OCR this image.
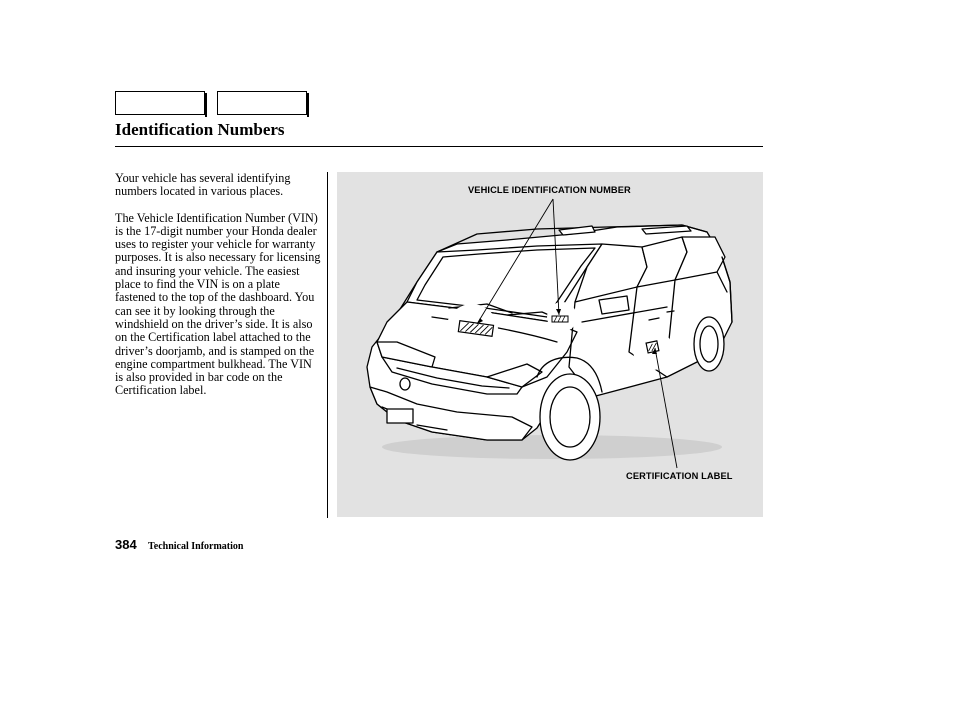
Identification Numbers

Your vehicle has several identifying numbers located in various places.

The Vehicle Identification Number (VIN) is the 17-digit number your Honda dealer uses to register your vehicle for warranty purposes. It is also necessary for licensing and insuring your vehicle. The easiest place to find the VIN is on a plate fastened to the top of the dashboard. You can see it by looking through the windshield on the driver’s side. It is also on the Certification label attached to the driver’s doorjamb, and is stamped on the engine compartment bulkhead. The VIN is also provided in bar code on the Certification label.

VEHICLE IDENTIFICATION NUMBER
CERTIFICATION LABEL
384 Technical Information
